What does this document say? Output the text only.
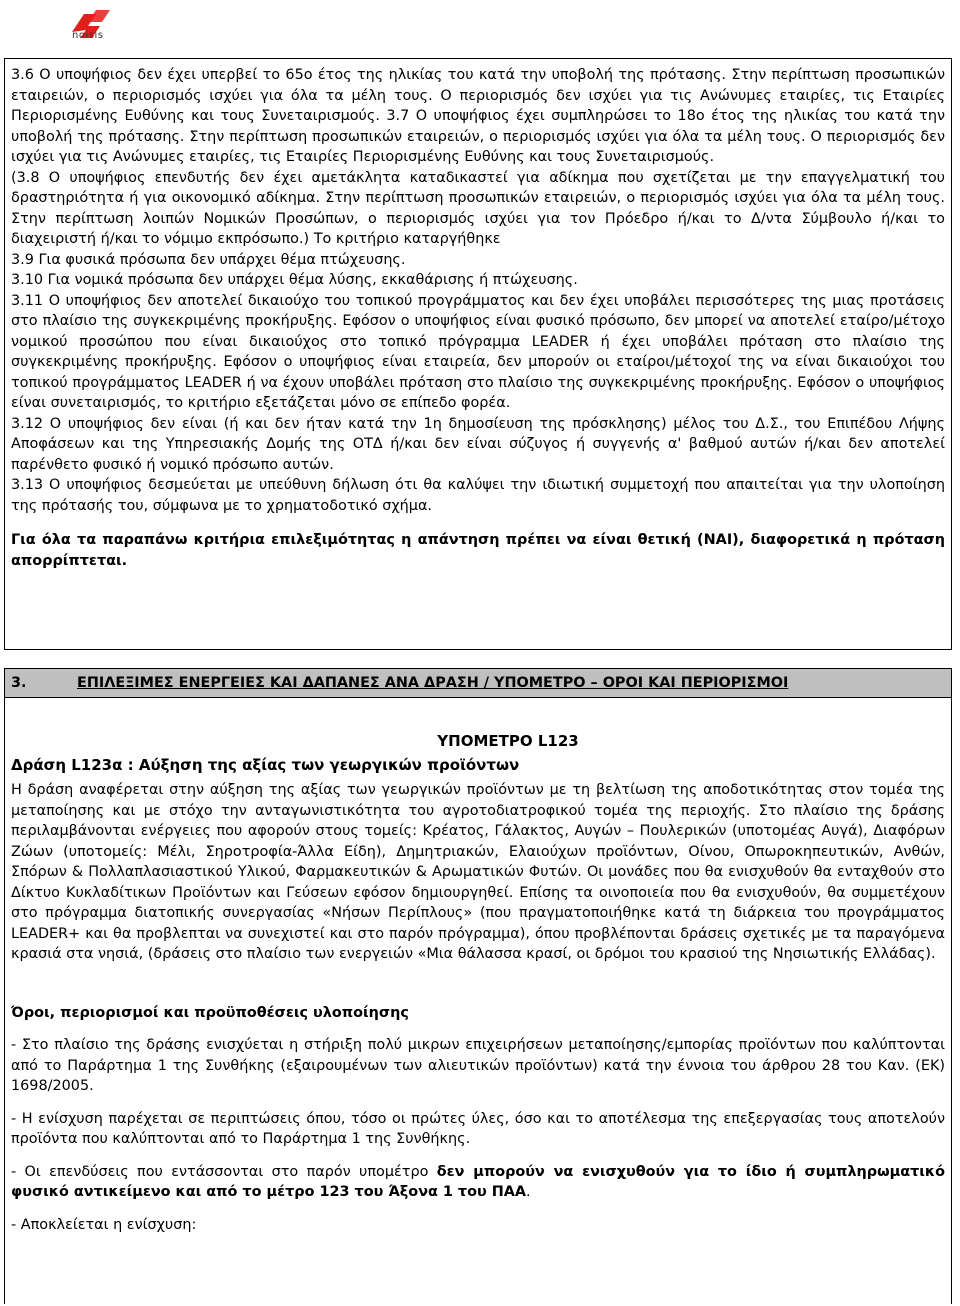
noisis

3.6 Ο υποψήφιος δεν έχει υπερβεί το 65ο έτος της ηλικίας του κατά την υποβολή της πρότασης. Στην περίπτωση προσωπικών εταιρειών, ο περιορισμός ισχύει για όλα τα μέλη τους. Ο περιορισμός δεν ισχύει για τις Ανώνυμες εταιρίες, τις Εταιρίες Περιορισμένης Ευθύνης και τους Συνεταιρισμούς. 3.7 Ο υποψήφιος έχει συμπληρώσει το 18ο έτος της ηλικίας του κατά την υποβολή της πρότασης. Στην περίπτωση προσωπικών εταιρειών, ο περιορισμός ισχύει για όλα τα μέλη τους. Ο περιορισμός δεν ισχύει για τις Ανώνυμες εταιρίες, τις Εταιρίες Περιορισμένης Ευθύνης και τους Συνεταιρισμούς.

(3.8 Ο υποψήφιος επενδυτής δεν έχει αμετάκλητα καταδικαστεί για αδίκημα που σχετίζεται με την επαγγελματική του δραστηριότητα ή για οικονομικό αδίκημα. Στην περίπτωση προσωπικών εταιρειών, ο περιορισμός ισχύει για όλα τα μέλη τους. Στην περίπτωση λοιπών Νομικών Προσώπων, ο περιορισμός ισχύει για τον Πρόεδρο ή/και το Δ/ντα Σύμβουλο ή/και το διαχειριστή ή/και το νόμιμο εκπρόσωπο.) Το κριτήριο καταργήθηκε

3.9 Για φυσικά πρόσωπα δεν υπάρχει θέμα πτώχευσης.

3.10 Για νομικά πρόσωπα δεν υπάρχει θέμα λύσης, εκκαθάρισης ή πτώχευσης.

3.11 Ο υποψήφιος δεν αποτελεί δικαιούχο του τοπικού προγράμματος και δεν έχει υποβάλει περισσότερες της μιας προτάσεις στο πλαίσιο της συγκεκριμένης προκήρυξης. Εφόσον ο υποψήφιος είναι φυσικό πρόσωπο, δεν μπορεί να αποτελεί εταίρο/μέτοχο νομικού προσώπου που είναι δικαιούχος στο τοπικό πρόγραμμα LEADER ή έχει υποβάλει πρόταση στο πλαίσιο της συγκεκριμένης προκήρυξης. Εφόσον ο υποψήφιος είναι εταιρεία, δεν μπορούν οι εταίροι/μέτοχοί της να είναι δικαιούχοι του τοπικού προγράμματος LEADER ή να έχουν υποβάλει πρόταση στο πλαίσιο της συγκεκριμένης προκήρυξης. Εφόσον ο υποψήφιος είναι συνεταιρισμός, το κριτήριο εξετάζεται μόνο σε επίπεδο φορέα.

3.12 Ο υποψήφιος δεν είναι (ή και δεν ήταν κατά την 1η δημοσίευση της πρόσκλησης) μέλος του Δ.Σ., του Επιπέδου Λήψης Αποφάσεων και της Υπηρεσιακής Δομής της ΟΤΔ ή/και δεν είναι σύζυγος ή συγγενής α' βαθμού αυτών ή/και δεν αποτελεί παρένθετο φυσικό ή νομικό πρόσωπο αυτών.

3.13 Ο υποψήφιος δεσμεύεται με υπεύθυνη δήλωση ότι θα καλύψει την ιδιωτική συμμετοχή που απαιτείται για την υλοποίηση της πρότασής του, σύμφωνα με το χρηματοδοτικό σχήμα.

Για όλα τα παραπάνω κριτήρια επιλεξιμότητας η απάντηση πρέπει να είναι θετική (ΝΑΙ), διαφορετικά η πρόταση απορρίπτεται.

3.	ΕΠΙΛΕΞΙΜΕΣ ΕΝΕΡΓΕΙΕΣ ΚΑΙ ΔΑΠΑΝΕΣ ΑΝΑ ΔΡΑΣΗ / ΥΠΟΜΕΤΡΟ – ΟΡΟΙ ΚΑΙ ΠΕΡΙΟΡΙΣΜΟΙ
ΥΠΟΜΕΤΡΟ L123
Δράση L123α : Αύξηση της αξίας των γεωργικών προϊόντων

Η δράση αναφέρεται στην αύξηση της αξίας των γεωργικών προϊόντων με τη βελτίωση της αποδοτικότητας στον τομέα της μεταποίησης και με στόχο την ανταγωνιστικότητα του αγροτοδιατροφικού τομέα της περιοχής. Στο πλαίσιο της δράσης περιλαμβάνονται ενέργειες που αφορούν στους τομείς: Κρέατος, Γάλακτος, Αυγών – Πουλερικών (υποτομέας Αυγά), Διαφόρων Ζώων (υποτομείς: Μέλι, Σηροτροφία-Άλλα Είδη), Δημητριακών, Ελαιούχων προϊόντων, Οίνου, Οπωροκηπευτικών, Ανθών, Σπόρων & Πολλαπλασιαστικού Υλικού, Φαρμακευτικών & Αρωματικών Φυτών. Οι μονάδες που θα ενισχυθούν θα ενταχθούν στο Δίκτυο Κυκλαδίτικων Προϊόντων και Γεύσεων εφόσον δημιουργηθεί. Επίσης τα οινοποιεία που θα ενισχυθούν, θα συμμετέχουν στο πρόγραμμα διατοπικής συνεργασίας «Νήσων Περίπλους» (που πραγματοποιήθηκε κατά τη διάρκεια του προγράμματος LEADER+ και θα προβλεπται να συνεχιστεί και στο παρόν πρόγραμμα), όπου προβλέπονται δράσεις σχετικές με τα παραγόμενα κρασιά στα νησιά, (δράσεις στο πλαίσιο των ενεργειών «Μια θάλασσα κρασί, οι δρόμοι του κρασιού της Νησιωτικής Ελλάδας).

Όροι, περιορισμοί και προϋποθέσεις υλοποίησης

- Στο πλαίσιο της δράσης ενισχύεται η στήριξη πολύ μικρων επιχειρήσεων μεταποίησης/εμπορίας προϊόντων που καλύπτονται από το Παράρτημα 1 της Συνθήκης (εξαιρουμένων των αλιευτικών προϊόντων) κατά την έννοια του άρθρου 28 του Καν. (ΕΚ) 1698/2005.

- Η ενίσχυση παρέχεται σε περιπτώσεις όπου, τόσο οι πρώτες ύλες, όσο και το αποτέλεσμα της επεξεργασίας τους αποτελούν προϊόντα που καλύπτονται από το Παράρτημα 1 της Συνθήκης.

- Οι επενδύσεις που εντάσσονται στο παρόν υπομέτρο δεν μπορούν να ενισχυθούν για το ίδιο ή συμπληρωματικό φυσικό αντικείμενο και από το μέτρο 123 του Άξονα 1 του ΠΑΑ.

- Αποκλείεται η ενίσχυση:
